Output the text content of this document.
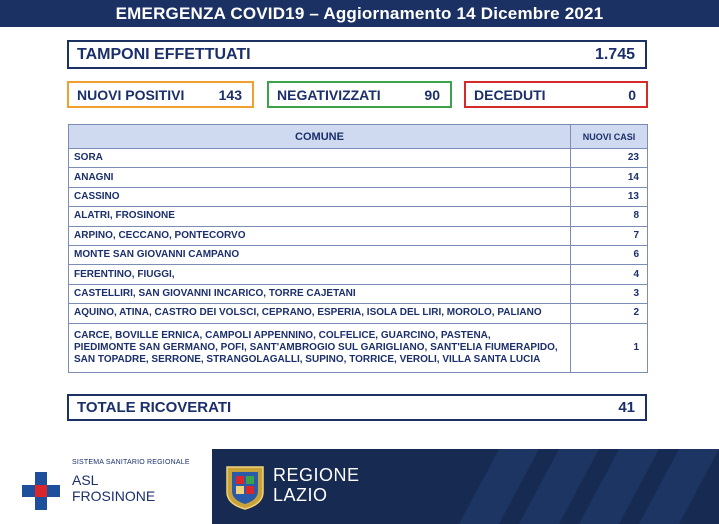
EMERGENZA COVID19 – Aggiornamento 14 Dicembre 2021
TAMPONI EFFETTUATI	1.745
NUOVI POSITIVI 143	NEGATIVIZZATI	90 DECEDUTI	0
COMUNE	NUOVI CASI
SORA	23
ANAGNI	14
CASSINO	13
ALATRI, FROSINONE	8
ARPINO, CECCANO, PONTECORVO	7
MONTE SAN GIOVANNI CAMPANO	6
FERENTINO, FIUGGI,	4
CASTELLIRI, SAN GIOVANNI INCARICO, TORRE CAJETANI	3
AQUINO, ATINA, CASTRO DEI VOLSCI, CEPRANO, ESPERIA, ISOLA DEL LIRI, MOROLO, PALIANO	2

CARCE, BOVILLE ERNICA, CAMPOLI APPENNINO, COLFELICE, GUARCINO, PASTENA,
PIEDIMONTE SAN GERMANO, POFI, SANT'AMBROGIO SUL GARIGLIANO, SANT'ELIA FIUMERAPIDO,
SAN TOPADRE, SERRONE, STRANGOLAGALLI, SUPINO, TORRICE, VEROLI, VILLA SANTA LUCIA	1
TOTALE RICOVERATI	41
SISTEMA SANITARIO REGIONALE
ASL
FROSINONE
REGIONE
LAZIO
